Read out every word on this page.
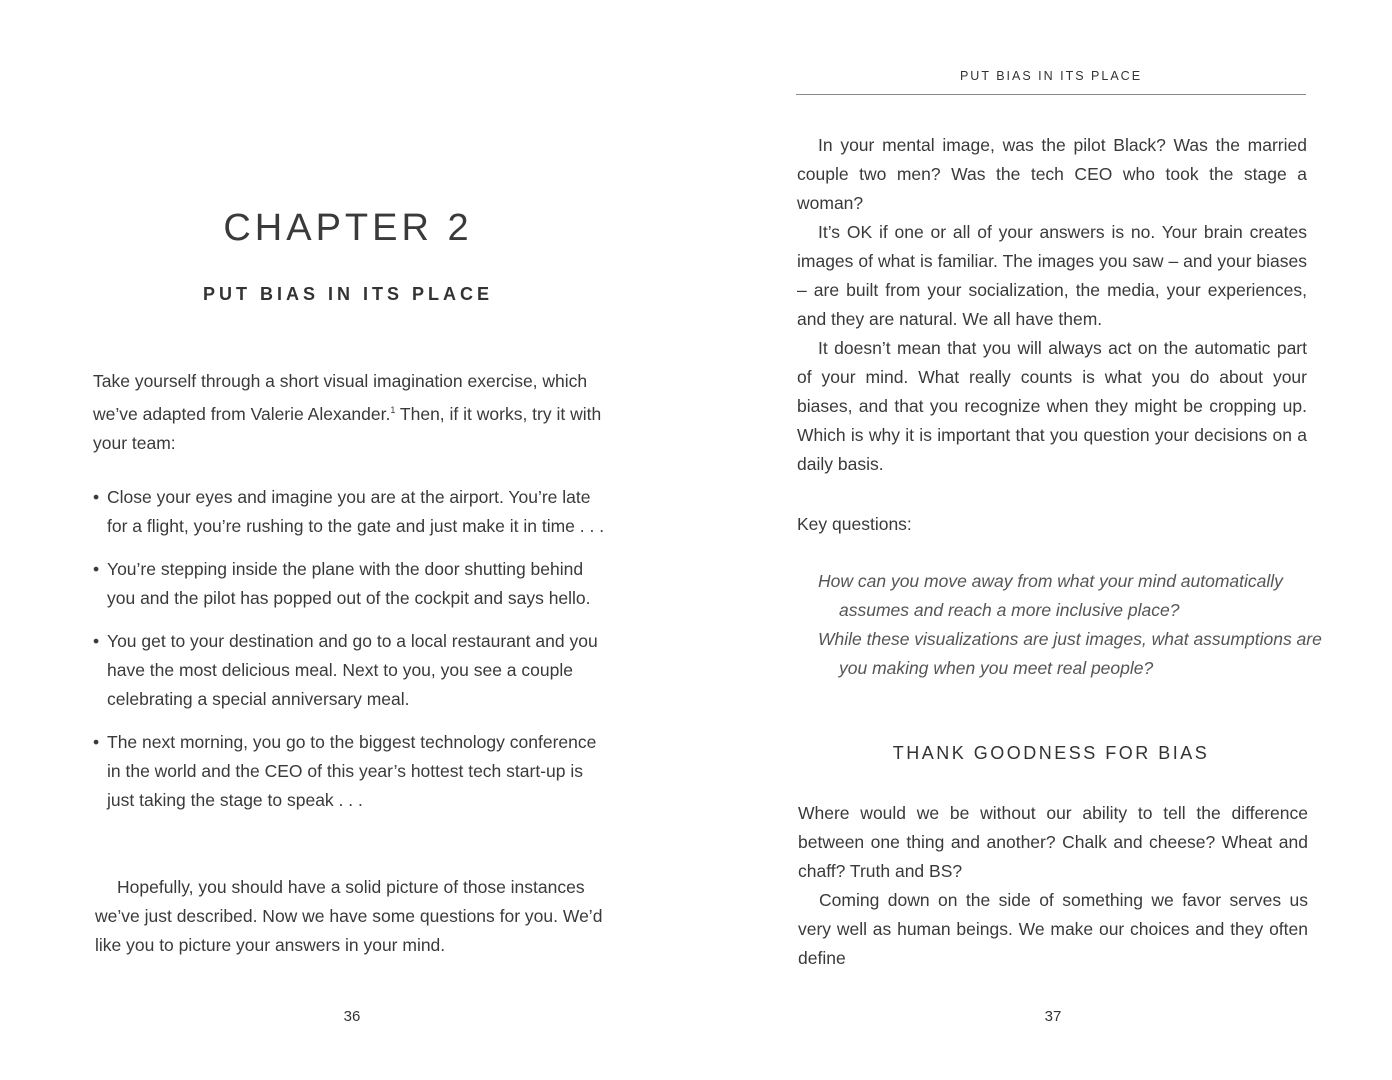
CHAPTER 2
PUT BIAS IN ITS PLACE

Take yourself through a short visual imagination exercise, which we’ve adapted from Valerie Alexander.$^1$ Then, if it works, try it with your team:

• Close your eyes and imagine you are at the airport. You’re late for a flight, you’re rushing to the gate and just make it in time . . .
• You’re stepping inside the plane with the door shutting behind you and the pilot has popped out of the cockpit and says hello.
• You get to your destination and go to a local restaurant and you have the most delicious meal. Next to you, you see a couple celebrating a special anniversary meal.
• The next morning, you go to the biggest technology conference in the world and the CEO of this year’s hottest tech start-up is just taking the stage to speak . . .

Hopefully, you should have a solid picture of those instances we’ve just described. Now we have some questions for you. We’d like you to picture your answers in your mind.

36

PUT BIAS IN ITS PLACE

In your mental image, was the pilot Black? Was the married couple two men? Was the tech CEO who took the stage a woman?

It’s OK if one or all of your answers is no. Your brain creates images of what is familiar. The images you saw – and your biases – are built from your socialization, the media, your experiences, and they are natural. We all have them.

It doesn’t mean that you will always act on the automatic part of your mind. What really counts is what you do about your biases, and that you recognize when they might be cropping up. Which is why it is important that you question your decisions on a daily basis.

Key questions:

How can you move away from what your mind automatically assumes and reach a more inclusive place?

While these visualizations are just images, what assumptions are you making when you meet real people?

THANK GOODNESS FOR BIAS

Where would we be without our ability to tell the difference between one thing and another? Chalk and cheese? Wheat and chaff? Truth and BS?

Coming down on the side of something we favor serves us very well as human beings. We make our choices and they often define

37
